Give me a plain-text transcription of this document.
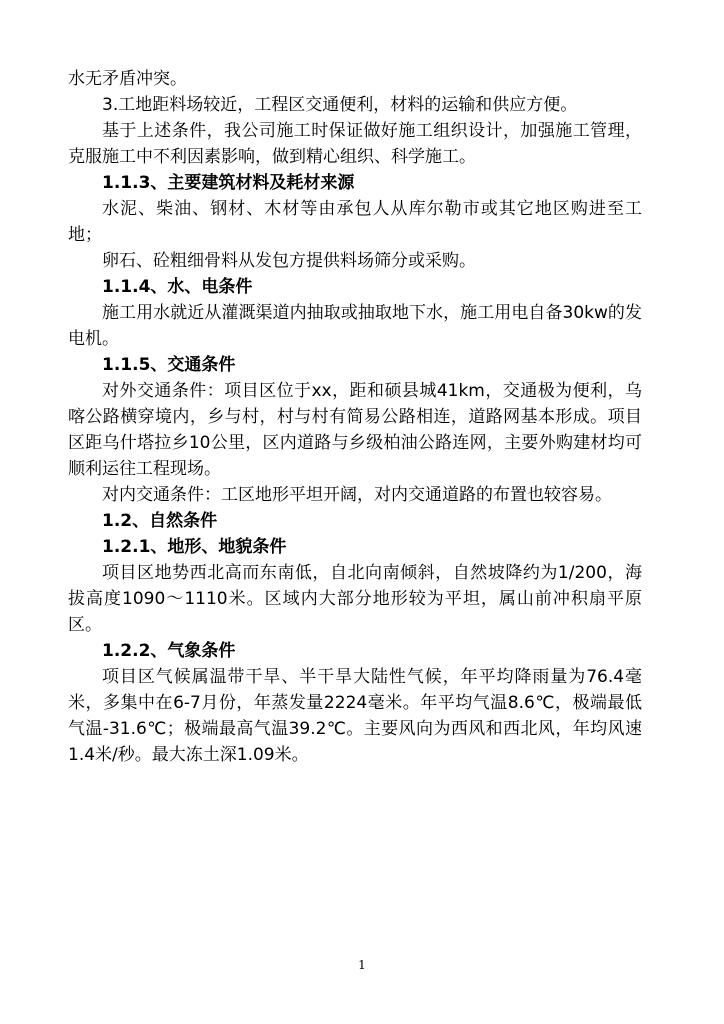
水无矛盾冲突。

3.工地距料场较近，工程区交通便利，材料的运输和供应方便。

基于上述条件，我公司施工时保证做好施工组织设计，加强施工管理，克服施工中不利因素影响，做到精心组织、科学施工。

1.1.3、主要建筑材料及耗材来源

水泥、柴油、钢材、木材等由承包人从库尔勒市或其它地区购进至工地；

卵石、砼粗细骨料从发包方提供料场筛分或采购。

1.1.4、水、电条件

施工用水就近从灌溉渠道内抽取或抽取地下水，施工用电自备30kw的发电机。

1.1.5、交通条件

对外交通条件：项目区位于xx，距和硕县城41km，交通极为便利，乌喀公路横穿境内，乡与村，村与村有简易公路相连，道路网基本形成。项目区距乌什塔拉乡10公里，区内道路与乡级柏油公路连网，主要外购建材均可顺利运往工程现场。

对内交通条件：工区地形平坦开阔，对内交通道路的布置也较容易。

1.2、自然条件

1.2.1、地形、地貌条件

项目区地势西北高而东南低，自北向南倾斜，自然坡降约为1/200，海拔高度1090～1110米。区域内大部分地形较为平坦，属山前冲积扇平原区。

1.2.2、气象条件

项目区气候属温带干旱、半干旱大陆性气候，年平均降雨量为76.4毫米，多集中在6-7月份，年蒸发量2224毫米。年平均气温8.6℃，极端最低气温-31.6℃；极端最高气温39.2℃。主要风向为西风和西北风，年均风速1.4米/秒。最大冻土深1.09米。

1
